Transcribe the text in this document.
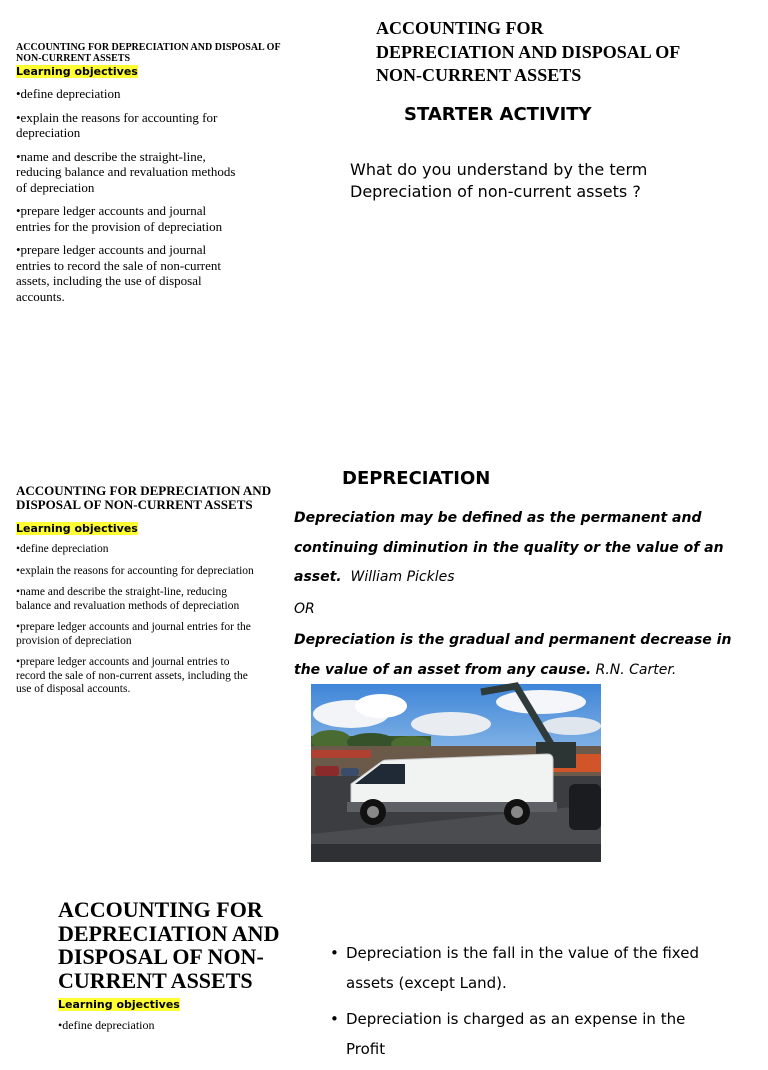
ACCOUNTING FOR DEPRECIATION AND DISPOSAL OF NON-CURRENT ASSETS
Learning objectives
•define depreciation
•explain the reasons for accounting for depreciation
•name and describe the straight-line, reducing balance and revaluation methods of depreciation
•prepare ledger accounts and journal entries for the provision of depreciation
•prepare ledger accounts and journal entries to record the sale of non-current assets, including the use of disposal accounts.
ACCOUNTING FOR DEPRECIATION AND DISPOSAL OF NON-CURRENT ASSETS
STARTER ACTIVITY
What do you understand by the term Depreciation of non-current assets ?
ACCOUNTING FOR DEPRECIATION AND DISPOSAL OF NON-CURRENT ASSETS
Learning objectives
•define depreciation
•explain the reasons for accounting for depreciation
•name and describe the straight-line, reducing balance and revaluation methods of depreciation
•prepare ledger accounts and journal entries for the provision of depreciation
•prepare ledger accounts and journal entries to record the sale of non-current assets, including the use of disposal accounts.
DEPRECIATION
Depreciation may be defined as the permanent and continuing diminution in the quality or the value of an asset. William Pickles
OR
Depreciation is the gradual and permanent decrease in the value of an asset from any cause. R.N. Carter.
ACCOUNTING FOR DEPRECIATION AND DISPOSAL OF NON-CURRENT ASSETS
Learning objectives
•define depreciation
• Depreciation is the fall in the value of the fixed assets (except Land).
• Depreciation is charged as an expense in the Profit
